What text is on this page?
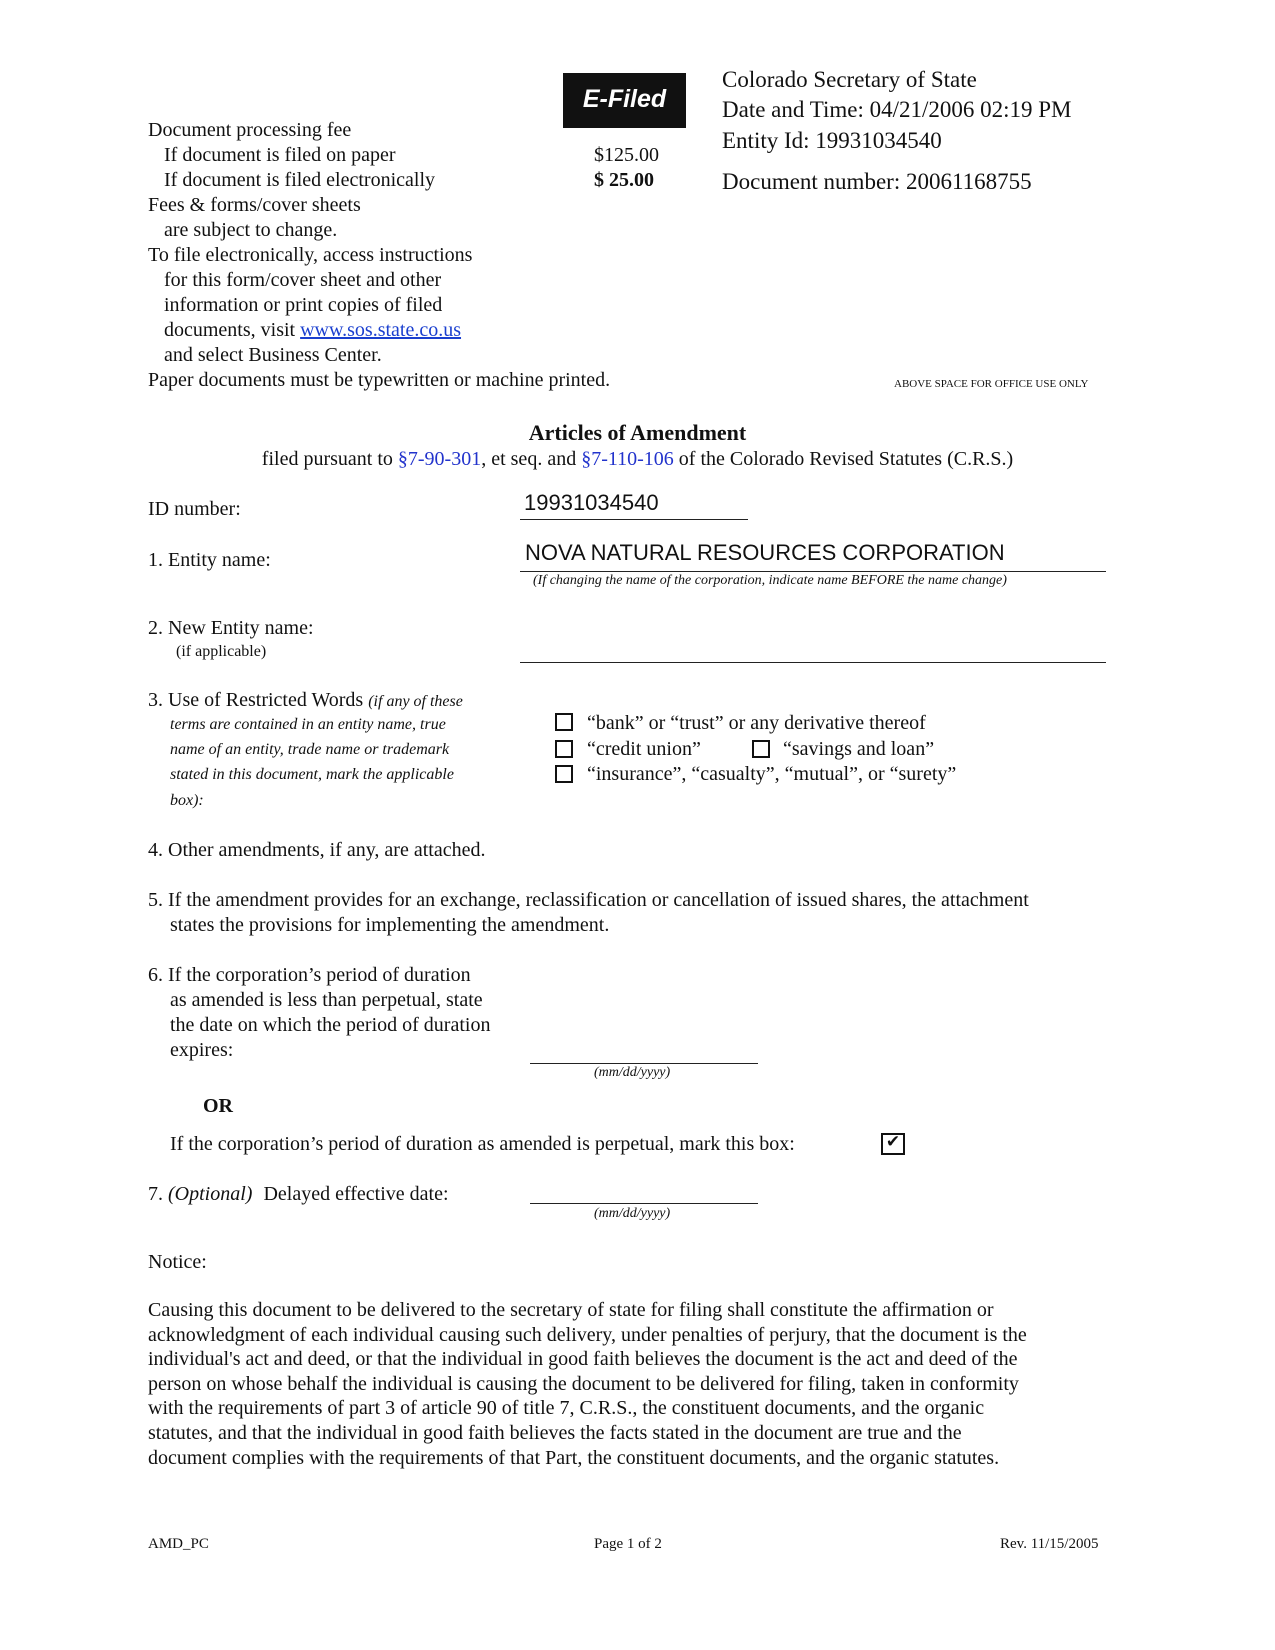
Document processing fee
If document is filed on paper	$125.00
If document is filed electronically	$ 25.00
Fees & forms/cover sheets
are subject to change.
To file electronically, access instructions
for this form/cover sheet and other
information or print copies of filed
documents, visit www.sos.state.co.us
and select Business Center.
Paper documents must be typewritten or machine printed.
E-Filed
Colorado Secretary of State
Date and Time: 04/21/2006 02:19 PM
Entity Id: 19931034540
Document number: 20061168755
ABOVE SPACE FOR OFFICE USE ONLY
Articles of Amendment
filed pursuant to §7-90-301, et seq. and §7-110-106 of the Colorado Revised Statutes (C.R.S.)
ID number:	19931034540
1. Entity name:	NOVA NATURAL RESOURCES CORPORATION
(If changing the name of the corporation, indicate name BEFORE the name change)
2. New Entity name:
(if applicable)
3. Use of Restricted Words (if any of these
terms are contained in an entity name, true
name of an entity, trade name or trademark
stated in this document, mark the applicable
box):
“bank” or “trust” or any derivative thereof
“credit union”	“savings and loan”
“insurance”, “casualty”, “mutual”, or “surety”
4. Other amendments, if any, are attached.
5. If the amendment provides for an exchange, reclassification or cancellation of issued shares, the attachment
states the provisions for implementing the amendment.
6. If the corporation’s period of duration
as amended is less than perpetual, state
the date on which the period of duration
expires:
(mm/dd/yyyy)
OR
If the corporation’s period of duration as amended is perpetual, mark this box:	✔
7. (Optional) Delayed effective date:
(mm/dd/yyyy)
Notice:
Causing this document to be delivered to the secretary of state for filing shall constitute the affirmation or
acknowledgment of each individual causing such delivery, under penalties of perjury, that the document is the
individual's act and deed, or that the individual in good faith believes the document is the act and deed of the
person on whose behalf the individual is causing the document to be delivered for filing, taken in conformity
with the requirements of part 3 of article 90 of title 7, C.R.S., the constituent documents, and the organic
statutes, and that the individual in good faith believes the facts stated in the document are true and the
document complies with the requirements of that Part, the constituent documents, and the organic statutes.
AMD_PC	Page 1 of 2	Rev. 11/15/2005
